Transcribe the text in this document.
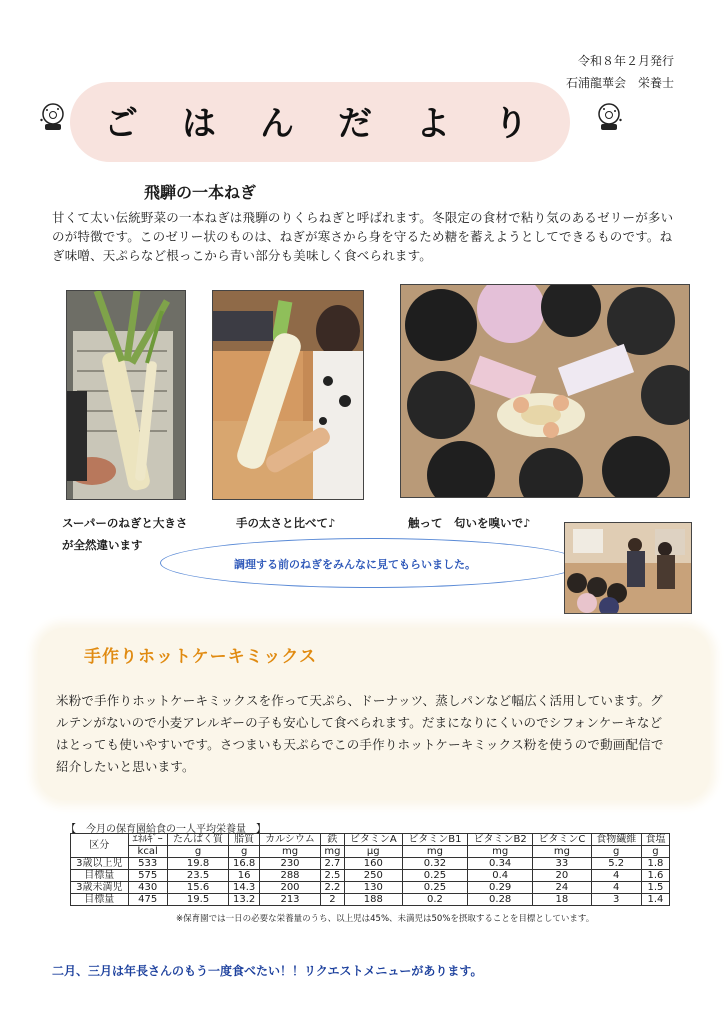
令和８年２月発行
石浦龍華会　栄養士
ご は ん だ よ り
飛騨の一本ねぎ
甘くて太い伝統野菜の一本ねぎは飛騨のりくらねぎと呼ばれます。冬限定の食材で粘り気のあるゼリーが多い
のが特徴です。このゼリー状のものは、ねぎが寒さから身を守るため糖を蓄えようとしてできるものです。ね
ぎ味噌、天ぷらなど根っこから青い部分も美味しく食べられます。
スーパーのねぎと大きさ
が全然違います
手の太さと比べて♪	触って　匂いを嗅いで♪
調理する前のねぎをみんなに見てもらいました。
手作りホットケーキミックス
米粉で手作りホットケーキミックスを作って天ぷら、ドーナッツ、蒸しパンなど幅広く活用しています。グ
ルテンがないので小麦アレルギーの子も安心して食べられます。だまになりにくいのでシフォンケーキなど
はとっても使いやすいです。さつまいも天ぷらでこの手作りホットケーキミックス粉を使うので動画配信で
紹介したいと思います。
【　今月の保育園給食の一人平均栄養量　】
区分	ｴﾈﾙｷﾞｰ	たんぱく質	脂質	カルシウム	鉄	ビタミンA	ビタミンB1	ビタミンB2	ビタミンC	食物繊維	食塩
	kcal	g	g	mg	mg	μg	mg	mg	mg	g	g
3歳以上児	533	19.8	16.8	230	2.7	160	0.32	0.34	33	5.2	1.8
目標量	575	23.5	16	288	2.5	250	0.25	0.4	20	4	1.6
3歳未満児	430	15.6	14.3	200	2.2	130	0.25	0.29	24	4	1.5
目標量	475	19.5	13.2	213	2	188	0.2	0.28	18	3	1.4
※保育園では一日の必要な栄養量のうち、以上児は45%、未満児は50%を摂取することを目標としています。
二月、三月は年長さんのもう一度食べたい！！リクエストメニューがあります。
